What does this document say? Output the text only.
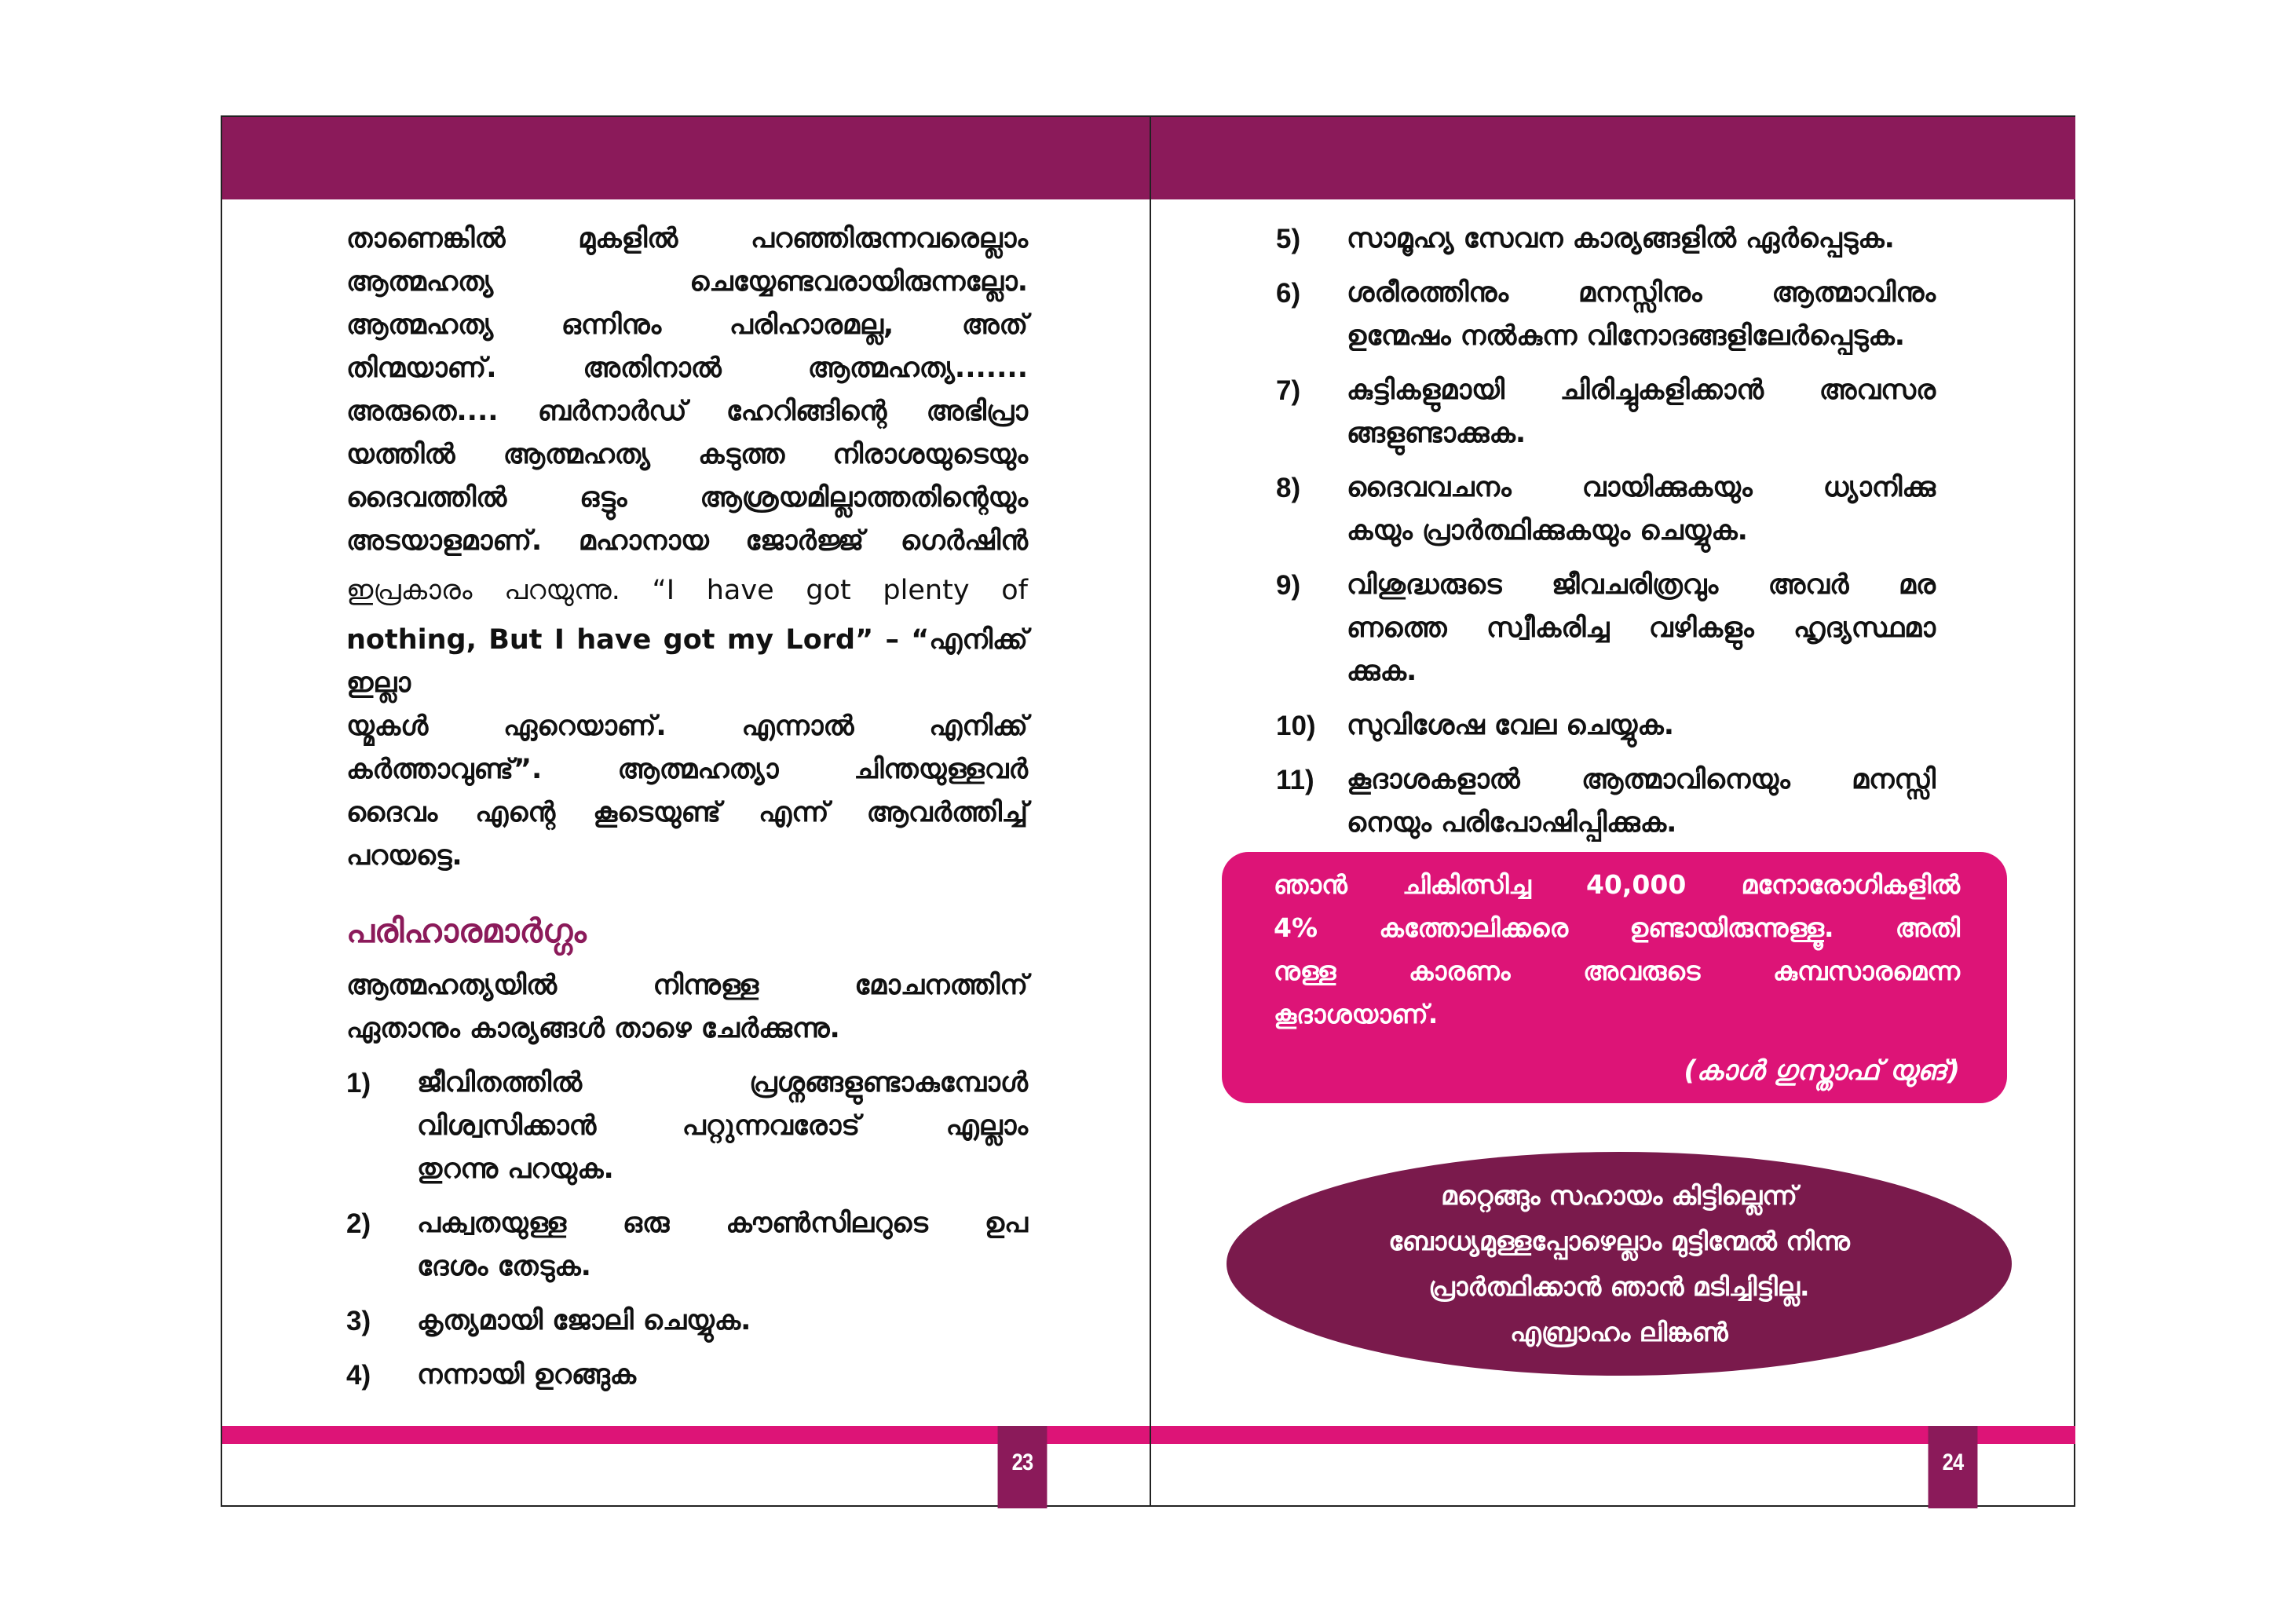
താണെങ്കിൽ മുകളിൽ പറഞ്ഞിരുന്നവരെല്ലാം
ആത്മഹത്യ ചെയ്യേണ്ടവരായിരുന്നല്ലോ.
ആത്മഹത്യ ഒന്നിനും പരിഹാരമല്ല, അത്
തിന്മയാണ്. അതിനാൽ ആത്മഹത്യ.......
അരുതെ.... ബർനാർഡ് ഹേറിങ്ങിന്റെ അഭിപ്രാ
യത്തിൽ ആത്മഹത്യ കടുത്ത നിരാശയുടെയും
ദൈവത്തിൽ ഒട്ടും ആശ്രയമില്ലാത്തതിന്റെയും
അടയാളമാണ്. മഹാനായ ജോർജ്ജ് ഗെർഷിൻ
ഇപ്രകാരം പറയുന്നു. “I have got plenty of
nothing, But I have got my Lord” – “എനിക്ക് ഇല്ലാ
യ്മകൾ ഏറെയാണ്. എന്നാൽ എനിക്ക്
കർത്താവുണ്ട്”. ആത്മഹത്യാ ചിന്തയുള്ളവർ
ദൈവം എന്റെ കൂടെയുണ്ട് എന്ന് ആവർത്തിച്ച്
പറയട്ടെ.
പരിഹാരമാർഗ്ഗം
ആത്മഹത്യയിൽ നിന്നുള്ള മോചനത്തിന്
ഏതാനും കാര്യങ്ങൾ താഴെ ചേർക്കുന്നു.
1) ജീവിതത്തിൽ പ്രശ്നങ്ങളുണ്ടാകുമ്പോൾ
വിശ്വസിക്കാൻ പറ്റുന്നവരോട് എല്ലാം
തുറന്നു പറയുക.
2) പക്വതയുള്ള ഒരു കൗൺസിലറുടെ ഉപ
ദേശം തേടുക.
3) കൃത്യമായി ജോലി ചെയ്യുക.
4) നന്നായി ഉറങ്ങുക
23
5) സാമൂഹ്യ സേവന കാര്യങ്ങളിൽ ഏർപ്പെടുക.
6) ശരീരത്തിനും മനസ്സിനും ആത്മാവിനും
ഉന്മേഷം നൽകുന്ന വിനോദങ്ങളിലേർപ്പെടുക.
7) കുട്ടികളുമായി ചിരിച്ചുകളിക്കാൻ അവസര
ങ്ങളുണ്ടാക്കുക.
8) ദൈവവചനം വായിക്കുകയും ധ്യാനിക്കു
കയും പ്രാർത്ഥിക്കുകയും ചെയ്യുക.
9) വിശുദ്ധരുടെ ജീവചരിത്രവും അവർ മര
ണത്തെ സ്വീകരിച്ച വഴികളും ഹൃദ്യസ്ഥമാ
ക്കുക.
10) സുവിശേഷ വേല ചെയ്യുക.
11) കൂദാശകളാൽ ആത്മാവിനെയും മനസ്സി
നെയും പരിപോഷിപ്പിക്കുക.
ഞാൻ ചികിത്സിച്ച 40,000 മനോരോഗികളിൽ
4% കത്തോലിക്കരെ ഉണ്ടായിരുന്നുള്ളൂ. അതി
നുള്ള കാരണം അവരുടെ കുമ്പസാരമെന്ന
കൂദാശയാണ്.
(കാൾ ഗുസ്താഫ് യുങ്)
മറ്റെങ്ങും സഹായം കിട്ടില്ലെന്ന്
ബോധ്യമുള്ളപ്പോഴെല്ലാം മുട്ടിന്മേൽ നിന്നു
പ്രാർത്ഥിക്കാൻ ഞാൻ മടിച്ചിട്ടില്ല.
എബ്രാഹം ലിങ്കൺ
24
